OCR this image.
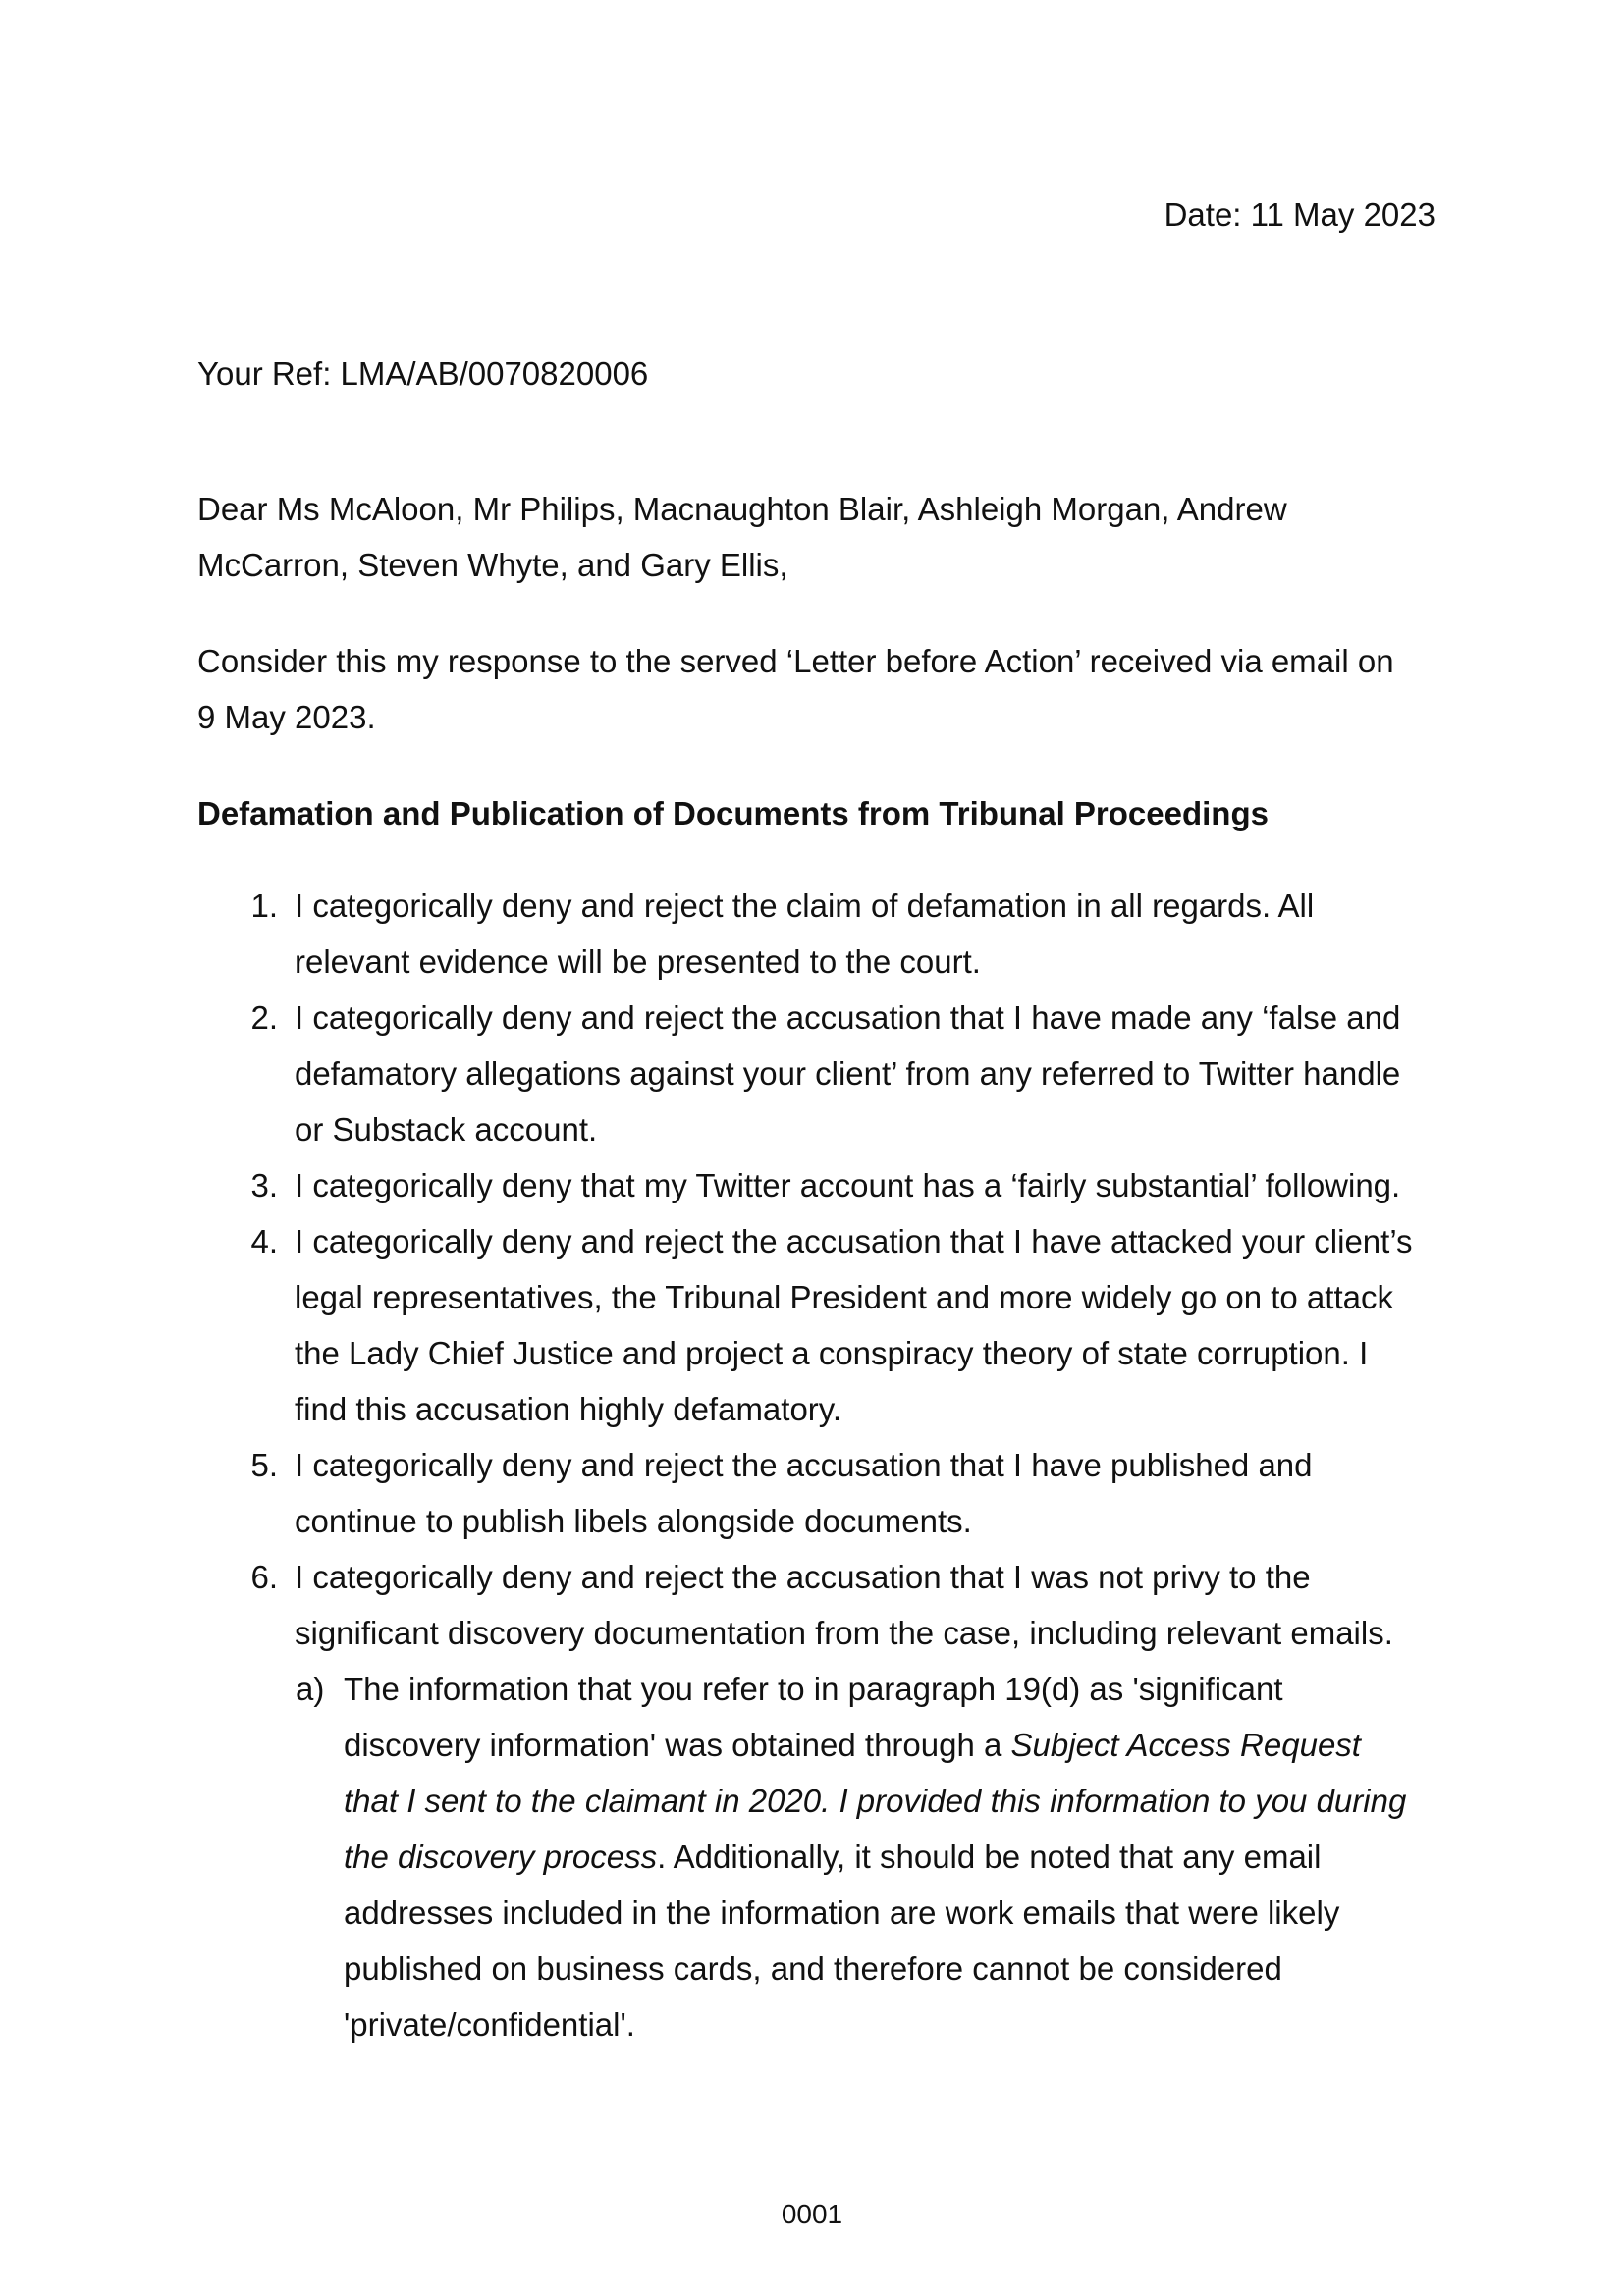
Date: 11 May 2023
Your Ref: LMA/AB/0070820006
Dear Ms McAloon, Mr Philips, Macnaughton Blair, Ashleigh Morgan, Andrew
McCarron, Steven Whyte, and Gary Ellis,
Consider this my response to the served ‘Letter before Action’ received via email on
9 May 2023.
Defamation and Publication of Documents from Tribunal Proceedings
1. I categorically deny and reject the claim of defamation in all regards. All
relevant evidence will be presented to the court.
2. I categorically deny and reject the accusation that I have made any ‘false and
defamatory allegations against your client’ from any referred to Twitter handle
or Substack account.
3. I categorically deny that my Twitter account has a ‘fairly substantial’ following.
4. I categorically deny and reject the accusation that I have attacked your client’s
legal representatives, the Tribunal President and more widely go on to attack
the Lady Chief Justice and project a conspiracy theory of state corruption. I
find this accusation highly defamatory.
5. I categorically deny and reject the accusation that I have published and
continue to publish libels alongside documents.
6. I categorically deny and reject the accusation that I was not privy to the
significant discovery documentation from the case, including relevant emails.
a) The information that you refer to in paragraph 19(d) as 'significant
discovery information' was obtained through a Subject Access Request
that I sent to the claimant in 2020. I provided this information to you during
the discovery process. Additionally, it should be noted that any email
addresses included in the information are work emails that were likely
published on business cards, and therefore cannot be considered
'private/confidential'.
0001
